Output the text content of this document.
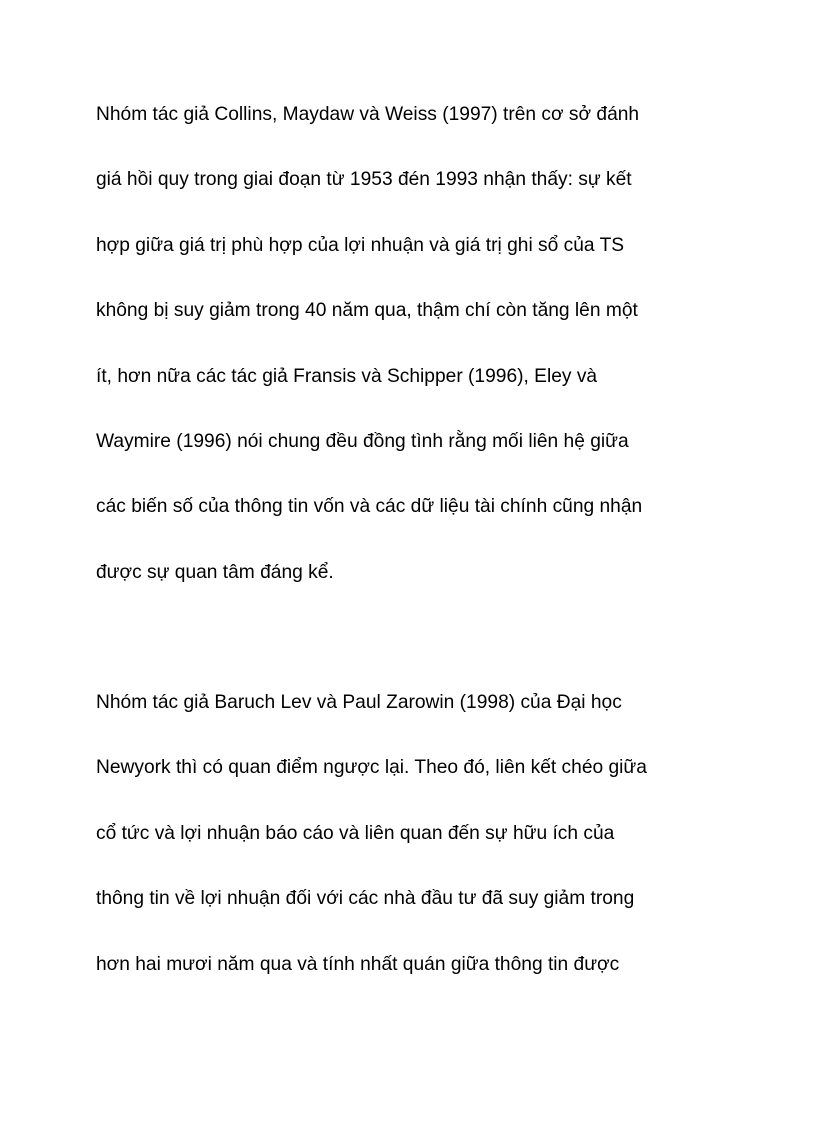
Nhóm tác giả Collins, Maydaw và Weiss (1997) trên cơ sở đánh
giá hồi quy trong giai đoạn từ 1953 đén 1993 nhận thấy: sự kết
hợp giữa giá trị phù hợp của lợi nhuận và giá trị ghi sổ của TS
không bị suy giảm trong 40 năm qua, thậm chí còn tăng lên một
ít, hơn nữa các tác giả Fransis và Schipper (1996), Eley và
Waymire (1996) nói chung đều đồng tình rằng mối liên hệ giữa
các biến số của thông tin vốn và các dữ liệu tài chính cũng nhận
được sự quan tâm đáng kể.
Nhóm tác giả Baruch Lev và Paul Zarowin (1998) của Đại học
Newyork thì có quan điểm ngược lại. Theo đó, liên kết chéo giữa
cổ tức và lợi nhuận báo cáo và liên quan đến sự hữu ích của
thông tin về lợi nhuận đối với các nhà đầu tư đã suy giảm trong
hơn hai mươi năm qua và tính nhất quán giữa thông tin được
